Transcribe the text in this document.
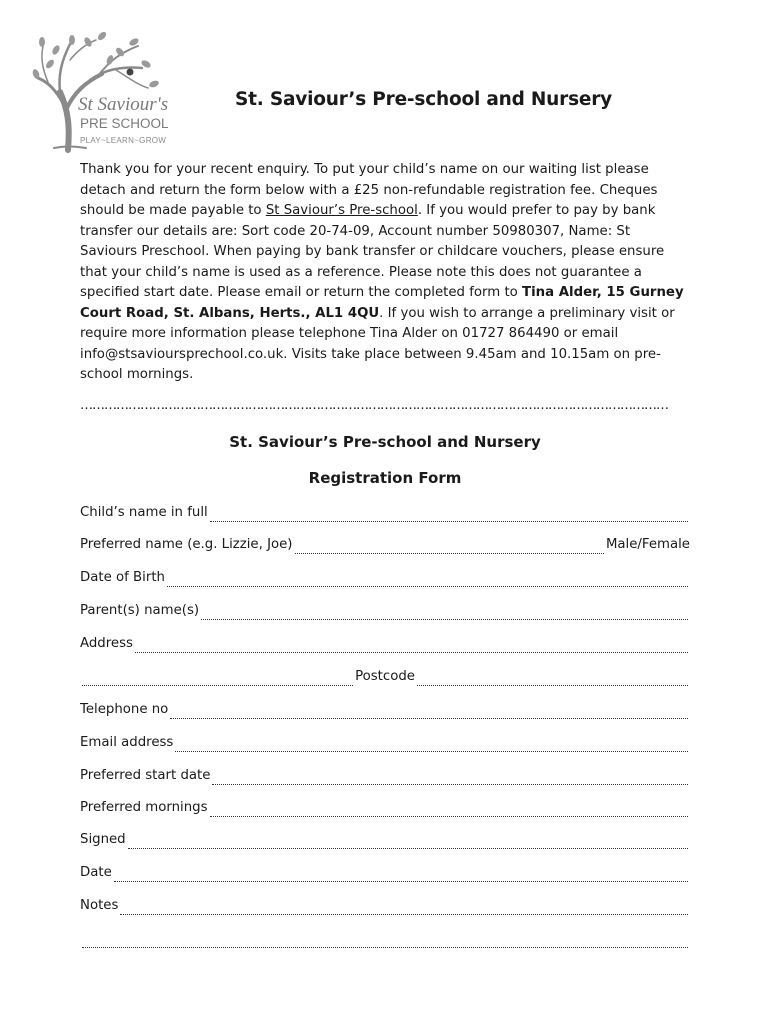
St Saviour's
PRE SCHOOL
PLAY~LEARN~GROW
St. Saviour’s Pre-school and Nursery
Thank you for your recent enquiry. To put your child’s name on our waiting list please detach and return the form below with a £25 non-refundable registration fee. Cheques should be made payable to St Saviour’s Pre-school. If you would prefer to pay by bank transfer our details are: Sort code 20-74-09, Account number 50980307, Name: St Saviours Preschool. When paying by bank transfer or childcare vouchers, please ensure that your child’s name is used as a reference. Please note this does not guarantee a specified start date. Please email or return the completed form to Tina Alder, 15 Gurney Court Road, St. Albans, Herts., AL1 4QU. If you wish to arrange a preliminary visit or require more information please telephone Tina Alder on 01727 864490 or email info@stsavioursprechool.co.uk. Visits take place between 9.45am and 10.15am on pre-school mornings.
…………………………………………………………………………………………………………………………………
St. Saviour’s Pre-school and Nursery
Registration Form
Child’s name in full
Preferred name (e.g. Lizzie, Joe)	Male/Female
Date of Birth
Parent(s) name(s)
Address
Postcode
Telephone no
Email address
Preferred start date
Preferred mornings
Signed
Date
Notes
